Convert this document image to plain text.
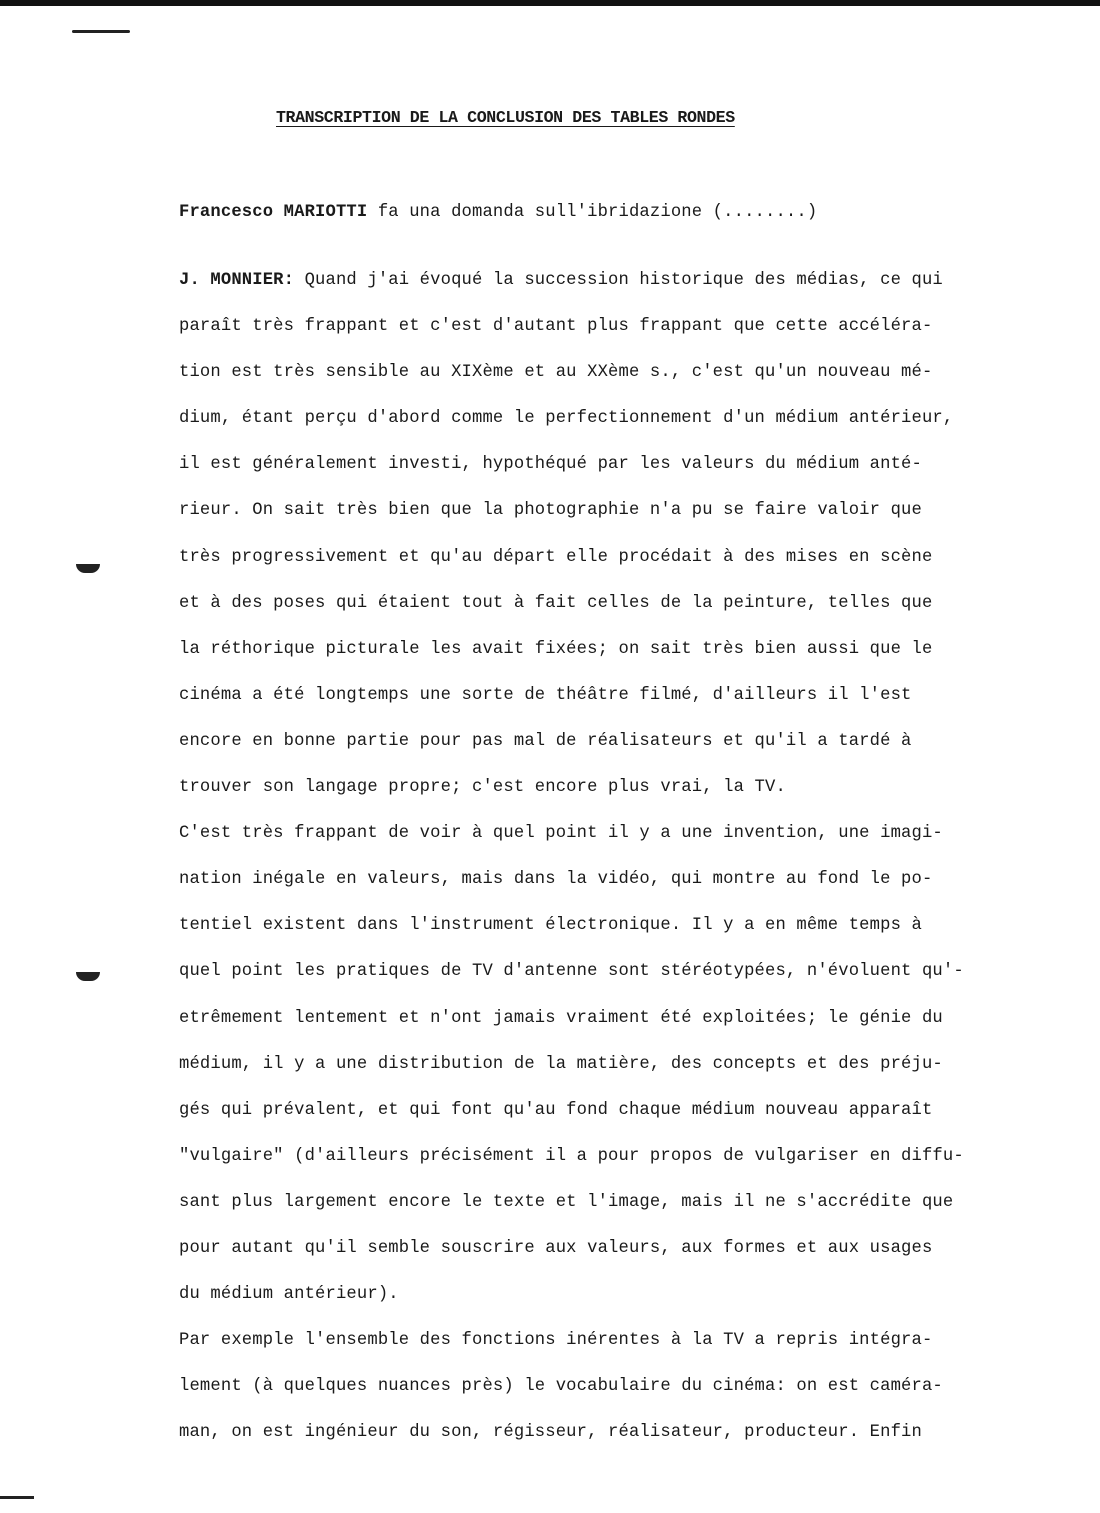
TRANSCRIPTION DE LA CONCLUSION DES TABLES RONDES
Francesco MARIOTTI fa una domanda sull'ibridazione (........)
J. MONNIER: Quand j'ai évoqué la succession historique des médias, ce qui
paraît très frappant et c'est d'autant plus frappant que cette accéléra-
tion est très sensible au XIXème et au XXème s., c'est qu'un nouveau mé-
dium, étant perçu d'abord comme le perfectionnement d'un médium antérieur,
il est généralement investi, hypothéqué par les valeurs du médium anté-
rieur. On sait très bien que la photographie n'a pu se faire valoir que
très progressivement et qu'au départ elle procédait à des mises en scène
et à des poses qui étaient tout à fait celles de la peinture, telles que
la réthorique picturale les avait fixées; on sait très bien aussi que le
cinéma a été longtemps une sorte de théâtre filmé, d'ailleurs il l'est
encore en bonne partie pour pas mal de réalisateurs et qu'il a tardé à
trouver son langage propre; c'est encore plus vrai, la TV.
C'est très frappant de voir à quel point il y a une invention, une imagi-
nation inégale en valeurs, mais dans la vidéo, qui montre au fond le po-
tentiel existent dans l'instrument électronique. Il y a en même temps à
quel point les pratiques de TV d'antenne sont stéréotypées, n'évoluent qu'-
etrêmement lentement et n'ont jamais vraiment été exploitées; le génie du
médium, il y a une distribution de la matière, des concepts et des préju-
gés qui prévalent, et qui font qu'au fond chaque médium nouveau apparaît
"vulgaire" (d'ailleurs précisément il a pour propos de vulgariser en diffu-
sant plus largement encore le texte et l'image, mais il ne s'accrédite que
pour autant qu'il semble souscrire aux valeurs, aux formes et aux usages
du médium antérieur).
Par exemple l'ensemble des fonctions inérentes à la TV a repris intégra-
lement (à quelques nuances près) le vocabulaire du cinéma: on est caméra-
man, on est ingénieur du son, régisseur, réalisateur, producteur. Enfin
